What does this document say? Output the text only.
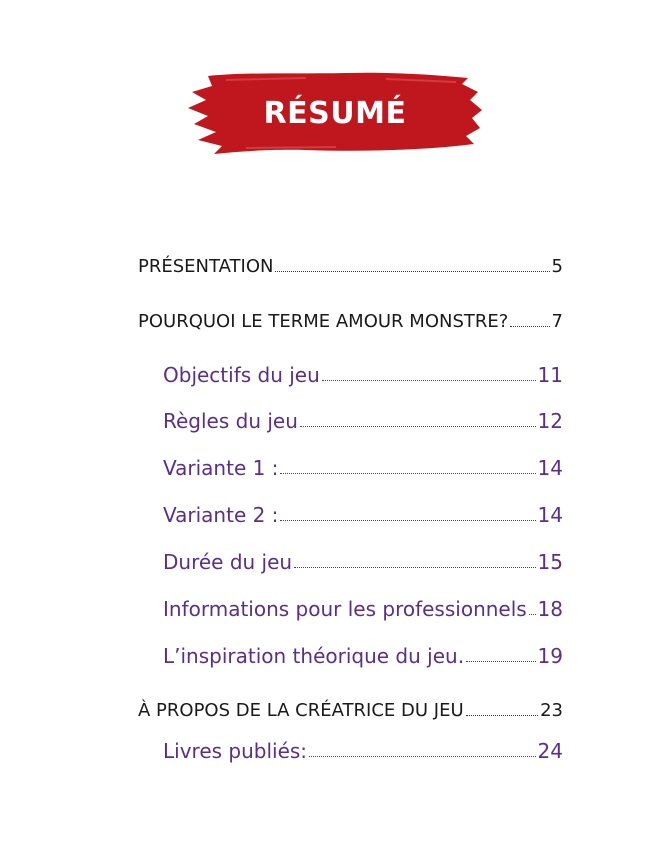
RÉSUMÉ
PRÉSENTATION	5
POURQUOI LE TERME AMOUR MONSTRE? 7
Objectifs du jeu	11
Règles du jeu	12
Variante 1 :	14
Variante 2 :	14
Durée du jeu	15
Informations pour les professionnels 18
L’inspiration théorique du jeu.	19
À PROPOS DE LA CRÉATRICE DU JEU	23
Livres publiés:	24
